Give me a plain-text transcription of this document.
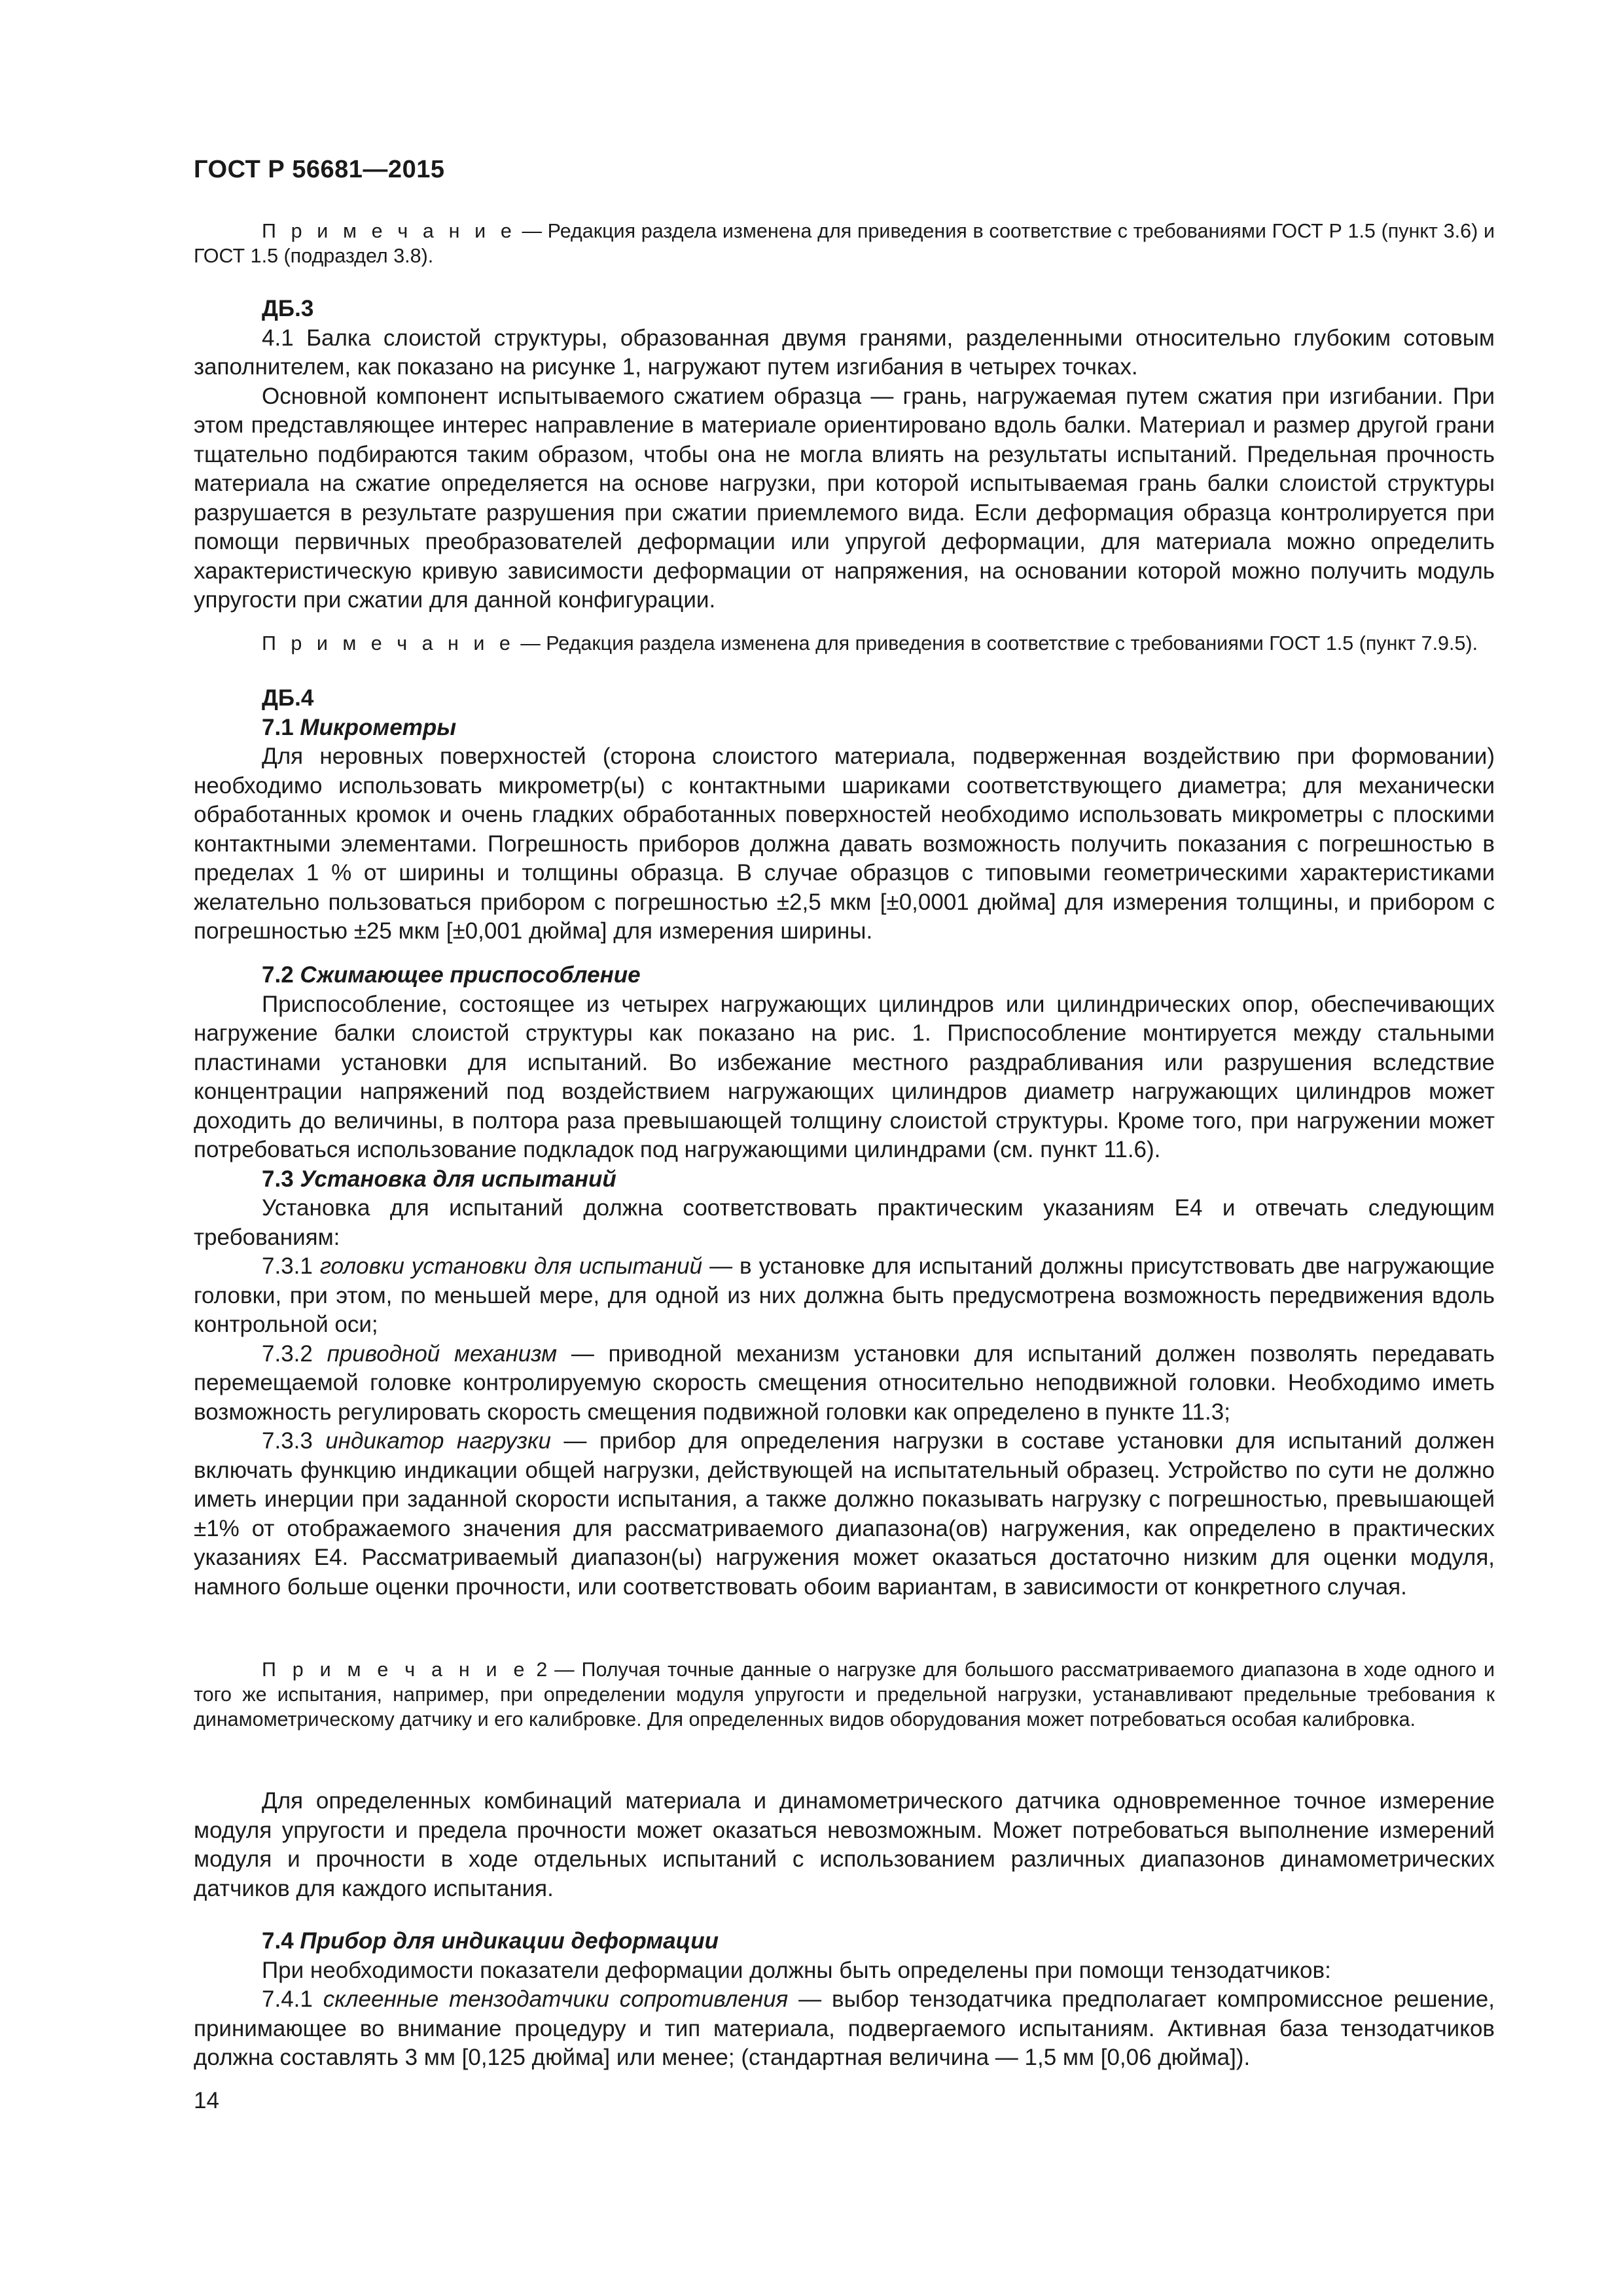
ГОСТ Р 56681—2015

П р и м е ч а н и е — Редакция раздела изменена для приведения в соответствие с требованиями ГОСТ Р 1.5 (пункт 3.6) и ГОСТ 1.5 (подраздел 3.8).

ДБ.3

4.1 Балка слоистой структуры, образованная двумя гранями, разделенными относительно глубоким сотовым заполнителем, как показано на рисунке 1, нагружают путем изгибания в четырех точках.

Основной компонент испытываемого сжатием образца — грань, нагружаемая путем сжатия при изгибании. При этом представляющее интерес направление в материале ориентировано вдоль балки. Материал и размер другой грани тщательно подбираются таким образом, чтобы она не могла влиять на результаты испытаний. Предельная прочность материала на сжатие определяется на основе нагрузки, при которой испытываемая грань балки слоистой структуры разрушается в результате разрушения при сжатии приемлемого вида. Если деформация образца контролируется при помощи первичных преобразователей деформации или упругой деформации, для материала можно определить характеристическую кривую зависимости деформации от напряжения, на основании которой можно получить модуль упругости при сжатии для данной конфигурации.

П р и м е ч а н и е — Редакция раздела изменена для приведения в соответствие с требованиями ГОСТ 1.5 (пункт 7.9.5).

ДБ.4

7.1 Микрометры

Для неровных поверхностей (сторона слоистого материала, подверженная воздействию при формовании) необходимо использовать микрометр(ы) с контактными шариками соответствующего диаметра; для механически обработанных кромок и очень гладких обработанных поверхностей необходимо использовать микрометры с плоскими контактными элементами. Погрешность приборов должна давать возможность получить показания с погрешностью в пределах 1 % от ширины и толщины образца. В случае образцов с типовыми геометрическими характеристиками желательно пользоваться прибором с погрешностью ±2,5 мкм [±0,0001 дюйма] для измерения толщины, и прибором с погрешностью ±25 мкм [±0,001 дюйма] для измерения ширины.

7.2 Сжимающее приспособление

Приспособление, состоящее из четырех нагружающих цилиндров или цилиндрических опор, обеспечивающих нагружение балки слоистой структуры как показано на рис. 1. Приспособление монтируется между стальными пластинами установки для испытаний. Во избежание местного раздрабливания или разрушения вследствие концентрации напряжений под воздействием нагружающих цилиндров диаметр нагружающих цилиндров может доходить до величины, в полтора раза превышающей толщину слоистой структуры. Кроме того, при нагружении может потребоваться использование подкладок под нагружающими цилиндрами (см. пункт 11.6).

7.3 Установка для испытаний

Установка для испытаний должна соответствовать практическим указаниям Е4 и отвечать следующим требованиям:

7.3.1 головки установки для испытаний — в установке для испытаний должны присутствовать две нагружающие головки, при этом, по меньшей мере, для одной из них должна быть предусмотрена возможность передвижения вдоль контрольной оси;

7.3.2 приводной механизм — приводной механизм установки для испытаний должен позволять передавать перемещаемой головке контролируемую скорость смещения относительно неподвижной головки. Необходимо иметь возможность регулировать скорость смещения подвижной головки как определено в пункте 11.3;

7.3.3 индикатор нагрузки — прибор для определения нагрузки в составе установки для испытаний должен включать функцию индикации общей нагрузки, действующей на испытательный образец. Устройство по сути не должно иметь инерции при заданной скорости испытания, а также должно показывать нагрузку с погрешностью, превышающей ±1% от отображаемого значения для рассматриваемого диапазона(ов) нагружения, как определено в практических указаниях Е4. Рассматриваемый диапазон(ы) нагружения может оказаться достаточно низким для оценки модуля, намного больше оценки прочности, или соответствовать обоим вариантам, в зависимости от конкретного случая.

П р и м е ч а н и е 2 — Получая точные данные о нагрузке для большого рассматриваемого диапазона в ходе одного и того же испытания, например, при определении модуля упругости и предельной нагрузки, устанавливают предельные требования к динамометрическому датчику и его калибровке. Для определенных видов оборудования может потребоваться особая калибровка.

Для определенных комбинаций материала и динамометрического датчика одновременное точное измерение модуля упругости и предела прочности может оказаться невозможным. Может потребоваться выполнение измерений модуля и прочности в ходе отдельных испытаний с использованием различных диапазонов динамометрических датчиков для каждого испытания.

7.4 Прибор для индикации деформации

При необходимости показатели деформации должны быть определены при помощи тензодатчиков:

7.4.1 склеенные тензодатчики сопротивления — выбор тензодатчика предполагает компромиссное решение, принимающее во внимание процедуру и тип материала, подвергаемого испытаниям. Активная база тензодатчиков должна составлять 3 мм [0,125 дюйма] или менее; (стандартная величина — 1,5 мм [0,06 дюйма]).

14
